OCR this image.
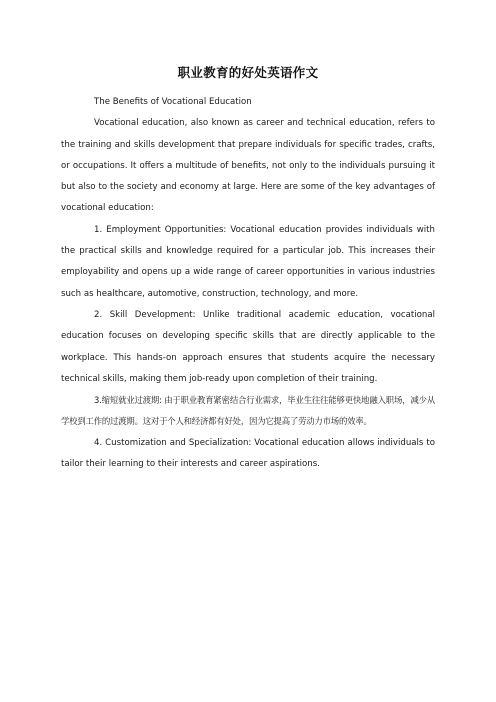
职业教育的好处英语作文

The Benefits of Vocational Education

Vocational education, also known as career and technical education, refers to the training and skills development that prepare individuals for specific trades, crafts, or occupations. It offers a multitude of benefits, not only to the individuals pursuing it but also to the society and economy at large. Here are some of the key advantages of vocational education:

1. Employment Opportunities: Vocational education provides individuals with the practical skills and knowledge required for a particular job. This increases their employability and opens up a wide range of career opportunities in various industries such as healthcare, automotive, construction, technology, and more.

2. Skill Development: Unlike traditional academic education, vocational education focuses on developing specific skills that are directly applicable to the workplace. This hands-on approach ensures that students acquire the necessary technical skills, making them job-ready upon completion of their training.

3.缩短就业过渡期: 由于职业教育紧密结合行业需求，毕业生往往能够更快地融入职场，减少从学校到工作的过渡期。这对于个人和经济都有好处，因为它提高了劳动力市场的效率。

4. Customization and Specialization: Vocational education allows individuals to tailor their learning to their interests and career aspirations.
